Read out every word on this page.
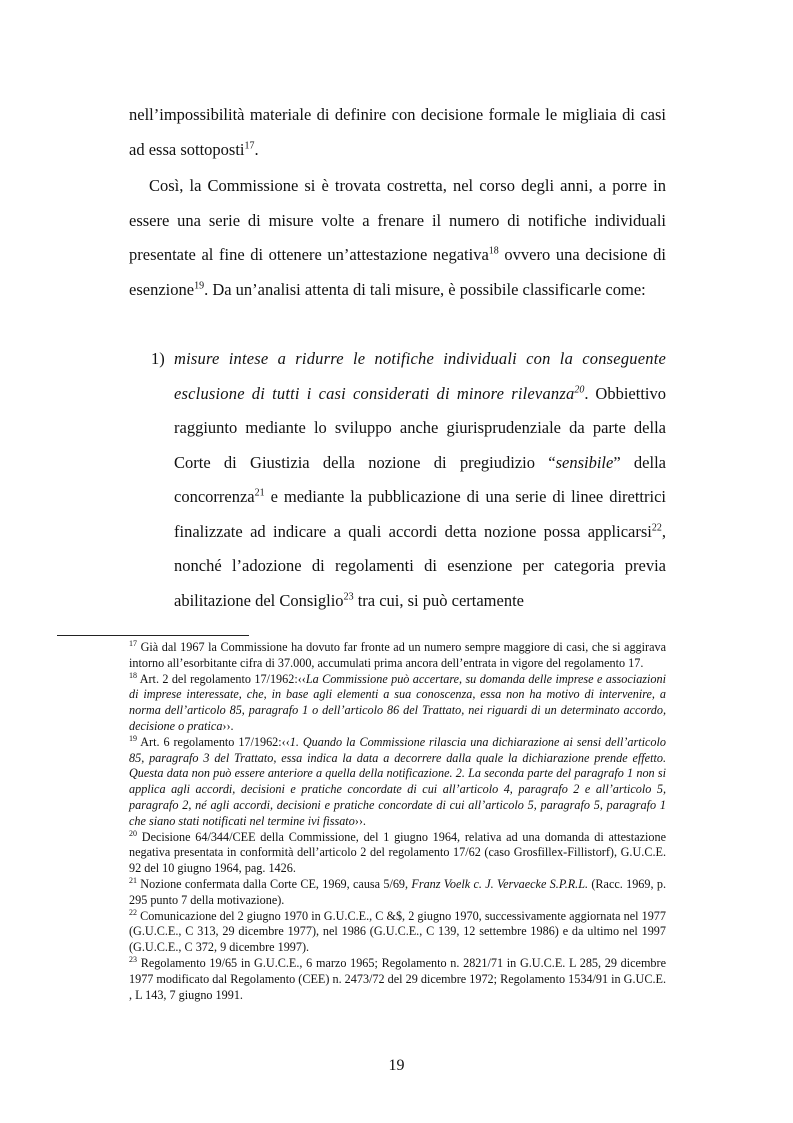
nell’impossibilità materiale di definire con decisione formale le migliaia di casi ad essa sottoposti$^{17}$.

Così, la Commissione si è trovata costretta, nel corso degli anni, a porre in essere una serie di misure volte a frenare il numero di notifiche individuali presentate al fine di ottenere un’attestazione negativa$^{18}$ ovvero una decisione di esenzione$^{19}$. Da un’analisi attenta di tali misure, è possibile classificarle come:

1) misure intese a ridurre le notifiche individuali con la conseguente esclusione di tutti i casi considerati di minore rilevanza$^{20}$. Obbiettivo raggiunto mediante lo sviluppo anche giurisprudenziale da parte della Corte di Giustizia della nozione di pregiudizio “sensibile” della concorrenza$^{21}$ e mediante la pubblicazione di una serie di linee direttrici finalizzate ad indicare a quali accordi detta nozione possa applicarsi$^{22}$, nonché l’adozione di regolamenti di esenzione per categoria previa abilitazione del Consiglio$^{23}$ tra cui, si può certamente

$^{17}$ Già dal 1967 la Commissione ha dovuto far fronte ad un numero sempre maggiore di casi, che si aggirava intorno all’esorbitante cifra di 37.000, accumulati prima ancora dell’entrata in vigore del regolamento 17.

$^{18}$ Art. 2 del regolamento 17/1962:‹‹La Commissione può accertare, su domanda delle imprese e associazioni di imprese interessate, che, in base agli elementi a sua conoscenza, essa non ha motivo di intervenire, a norma dell’articolo 85, paragrafo 1 o dell’articolo 86 del Trattato, nei riguardi di un determinato accordo, decisione o pratica››.

$^{19}$ Art. 6 regolamento 17/1962:‹‹1. Quando la Commissione rilascia una dichiarazione ai sensi dell’articolo 85, paragrafo 3 del Trattato, essa indica la data a decorrere dalla quale la dichiarazione prende effetto. Questa data non può essere anteriore a quella della notificazione. 2. La seconda parte del paragrafo 1 non si applica agli accordi, decisioni e pratiche concordate di cui all’articolo 4, paragrafo 2 e all’articolo 5, paragrafo 2, né agli accordi, decisioni e pratiche concordate di cui all’articolo 5, paragrafo 5, paragrafo 1 che siano stati notificati nel termine ivi fissato››.

$^{20}$ Decisione 64/344/CEE della Commissione, del 1 giugno 1964, relativa ad una domanda di attestazione negativa presentata in conformità dell’articolo 2 del regolamento 17/62 (caso Grosfillex-Fillistorf), G.U.C.E. 92 del 10 giugno 1964, pag. 1426.

$^{21}$ Nozione confermata dalla Corte CE, 1969, causa 5/69, Franz Voelk c. J. Vervaecke S.P.R.L. (Racc. 1969, p. 295 punto 7 della motivazione).

$^{22}$ Comunicazione del 2 giugno 1970 in G.U.C.E., C &$, 2 giugno 1970, successivamente aggiornata nel 1977 (G.U.C.E., C 313, 29 dicembre 1977), nel 1986 (G.U.C.E., C 139, 12 settembre 1986) e da ultimo nel 1997 (G.U.C.E., C 372, 9 dicembre 1997).

$^{23}$ Regolamento 19/65 in G.U.C.E., 6 marzo 1965; Regolamento n. 2821/71 in G.U.C.E. L 285, 29 dicembre 1977 modificato dal Regolamento (CEE) n. 2473/72 del 29 dicembre 1972; Regolamento 1534/91 in G.UC.E. , L 143, 7 giugno 1991.

19
